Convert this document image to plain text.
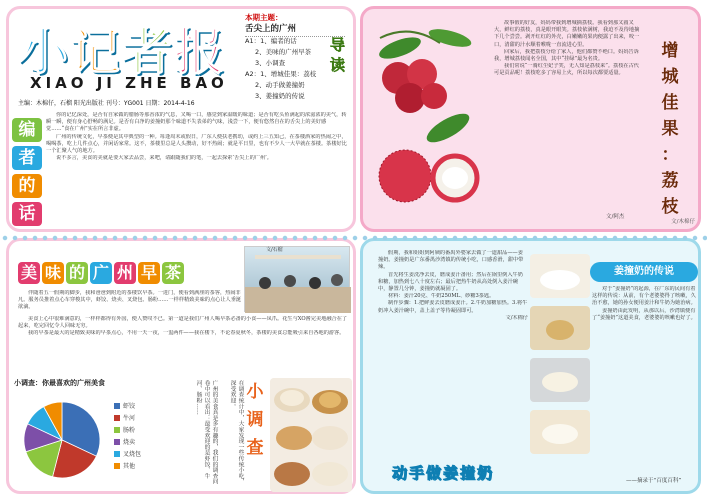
小记者报
XIAO JI ZHE BAO
主编：木棉仔，石榴 阳光出版社 刊号：YG001 日期：2014-4-16
本期主题：
舌尖上的广州
A1：1、编者的话
2、美味的广州早茶
3、小调查
A2：1、增城佳果：荔枝
2、动手做姜撞奶
3、姜撞奶的传说
导 读
编
者
的
话

你的记忆深处，是否有自家做的腊肠等那香浓的气息，又喝一口，感觉到家温暖的味道；是否有吃头鱼满起的浓滋浓的美气，转瞬一瞬，便有身心舒畅的满足。是否有白净的姜撞奶那个味道不失表弟的气味，浅尝一下，便有悠然自在的舌尖上的美好感觉……“食在广州”实在所言非虚。

广州的传统文化，早茶便是其中典型的一种。每逢周末或假日，广东人便扶老携幼，或约上三五知己，在茶楼酒家的热闹之中，喝喝茶，吃上几件点心，并闲话家常。这不，茶楼里总是人头攒动，好不热闹；就是平日里，也有不少人一大早就在茶楼。茶楼好比一个汇聚人气的地方。

说不多言，美食的美就是要大家去品尝，来吧，请跟随我们的笔，一起去探索‘舌尖上的广州’。

文/木棉仔

故事假的好友，妈妈带我到增城摘荔枝。我看到那又圆又大，鲜红的荔枝，真是眼开眼笑。荔枝依满树，我迫不及待地摘下几个尝尝。剥开红红的外壳，白嫩嫩的果肉便露了出来，咬一口，清甜的汁水顺着喉咙一直流进心里。

回家后，我把荔枝分给了家人，他们都赞不绝口。妈妈告诉我，增城荔枝闻名全国，其中“挂绿”最为名贵。

我们常说“一骑红尘妃子笑，无人知是荔枝来”。荔枝在古代可是贡品呢！荔枝吃多了容易上火，所以每次都要适量。

文/阿杰
增
城
佳
果
：
荔
枝
美 味 的 广 州 早 茶
文/石榴

伴随着五一假期的脚步，我和爸爸到附近的茶楼饮早茶。一进门，便看到满座的茶客，热闹非凡。服务员推着点心车穿梭其中，虾饺、烧卖、叉烧包、肠粉……一样样精致美味的点心让人垂涎欲滴。

美食上心中很难满意的，一样样都得有外国，便人赞叹不已。第一道是我们广州人喝早茶必备的小食——凤爪。花生与XO酱完美地融合在了起来，吃完回忆令人回味无穷。

我的早茶是最大的是精致美味的早茶点心，不用一天一夜，一盅两件——我在楼下，不论春夏秋冬，茶楼的美食总能吸引来自各地的游客。

小调查：你最喜欢的广州美食
虾饺
牛河
肠粉
烧卖
叉烧包
其他	广州的美食真是多有趣的，我们的调查问卷中可以看出：最受欢迎的是虾饺、牛河、肠粉……	在调查统计中，大家发现一些传统小吃，深受欢迎。 小
调
查

假期，我和姐姐到阿姨的番禺外婆家去做了一道甜品——姜撞奶。姜撞奶是广东番禺沙湾镇的传统小吃，口感香滑，甜中带辣。

首先将生姜洗净去皮，磨成姜汁备用；然后在锅里倒入牛奶和糖，加热到七八十度左右；最后把热牛奶从高处倒入姜汁碗中，静置几分钟，姜撞奶就凝固了。

材料：姜汁20克、牛奶250ML、砂糖3茶匙。

制作步骤：1.把鲜姜去皮磨成姜汁。2.牛奶加糖加热。3.将牛奶冲入姜汁碗中，盖上盖子等待凝固即可。

文/木棉仔

姜撞奶的传说

对于“姜撞奶”的起源，在广东的民间有着这样的传说：从前，有个老婆婆得了咳嗽，久治不愈，她的孙女便用姜汁和牛奶为她治病。

姜撞奶由此发明，从那以后，沙湾镇便有了“姜撞奶”这道美食，老婆婆的咳嗽也好了。

——摘录于“百度百科”
动手做姜撞奶
